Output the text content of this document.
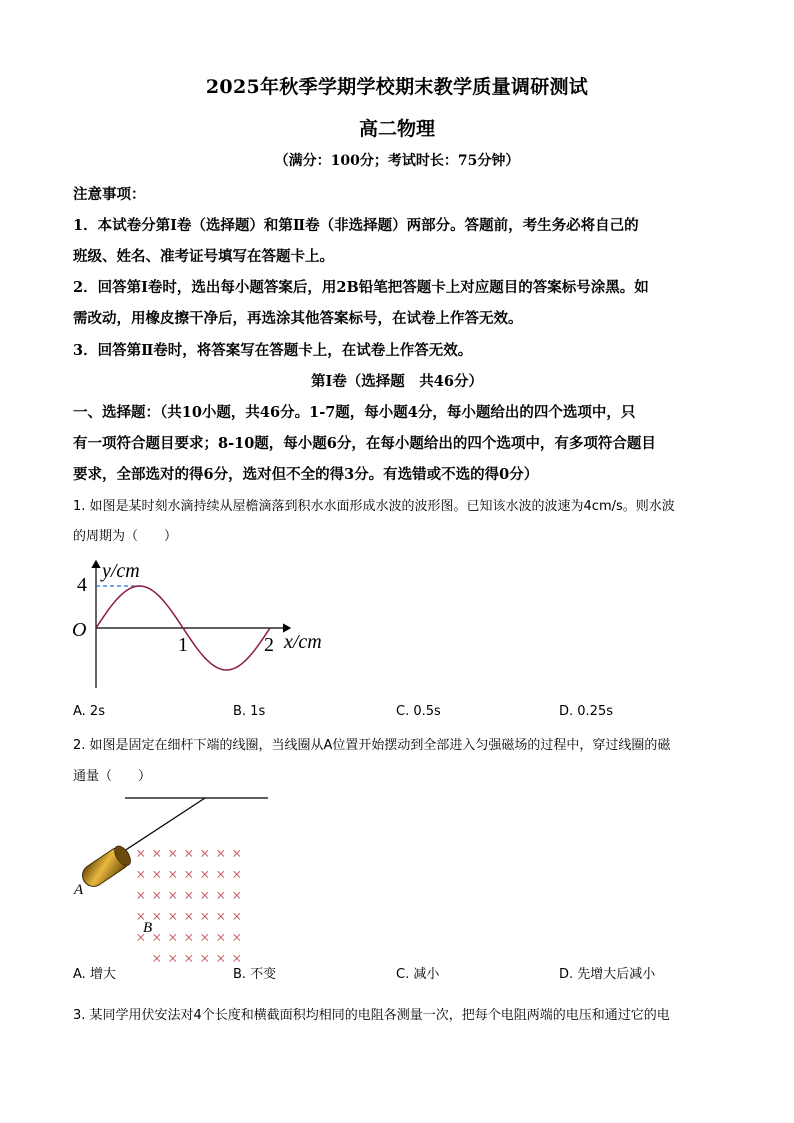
2025年秋季学期学校期末教学质量调研测试
高二物理
（满分：100分；考试时长：75分钟）
注意事项：
1．本试卷分第Ⅰ卷（选择题）和第Ⅱ卷（非选择题）两部分。答题前，考生务必将自己的
班级、姓名、准考证号填写在答题卡上。
2．回答第Ⅰ卷时，选出每小题答案后，用2B铅笔把答题卡上对应题目的答案标号涂黑。如
需改动，用橡皮擦干净后，再选涂其他答案标号，在试卷上作答无效。
3．回答第Ⅱ卷时，将答案写在答题卡上，在试卷上作答无效。
第Ⅰ卷（选择题　共46分）
一、选择题：（共10小题，共46分。1-7题，每小题4分，每小题给出的四个选项中，只
有一项符合题目要求；8-10题，每小题6分，在每小题给出的四个选项中，有多项符合题目
要求，全部选对的得6分，选对但不全的得3分。有选错或不选的得0分）
1. 如图是某时刻水滴持续从屋檐滴落到积水水面形成水波的波形图。已知该水波的波速为4cm/s。则水波
的周期为（　　）
y/cm
x/cm
O
4
1	2
A. 2s	B. 1s	C. 0.5s	D. 0.25s
2. 如图是固定在细杆下端的线圈，当线圈从A位置开始摆动到全部进入匀强磁场的过程中，穿过线圈的磁
通量（　　）
× × × × × × ×
× × × × × × ×
× × × × × × ×
× × × × × × ×
× × × × × × ×
× × × × × ×
A
B
A. 增大	B. 不变	C. 减小	D. 先增大后减小
3. 某同学用伏安法对4个长度和横截面积均相同的电阻各测量一次，把每个电阻两端的电压和通过它的电
